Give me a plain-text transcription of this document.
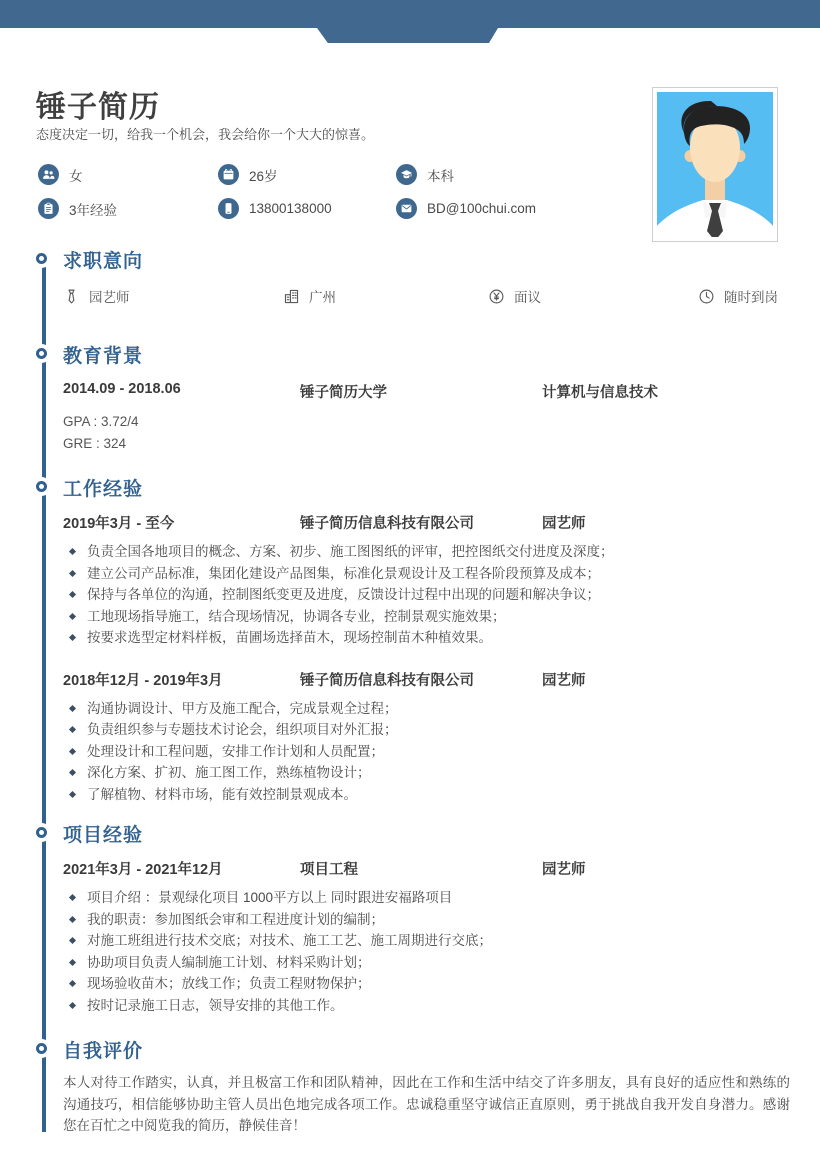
锤子简历
态度决定一切，给我一个机会，我会给你一个大大的惊喜。
女	26岁	本科
3年经验	13800138000	BD@100chui.com
求职意向
园艺师	广州	面议	随时到岗
教育背景
2014.09 - 2018.06	锤子简历大学	计算机与信息技术
GPA : 3.72/4
GRE : 324
工作经验
2019年3月 - 至今	锤子简历信息科技有限公司	园艺师
负责全国各地项目的概念、方案、初步、施工图图纸的评审，把控图纸交付进度及深度；
建立公司产品标准，集团化建设产品图集，标准化景观设计及工程各阶段预算及成本；
保持与各单位的沟通，控制图纸变更及进度，反馈设计过程中出现的问题和解决争议；
工地现场指导施工，结合现场情况，协调各专业，控制景观实施效果；
按要求选型定材料样板，苗圃场选择苗木，现场控制苗木种植效果。
2018年12月 - 2019年3月	锤子简历信息科技有限公司	园艺师
沟通协调设计、甲方及施工配合，完成景观全过程；
负责组织参与专题技术讨论会，组织项目对外汇报；
处理设计和工程问题，安排工作计划和人员配置；
深化方案、扩初、施工图工作，熟练植物设计；
了解植物、材料市场，能有效控制景观成本。
项目经验
2021年3月 - 2021年12月	项目工程	园艺师
项目介绍 ：景观绿化项目 1000平方以上 同时跟进安福路项目
我的职责：参加图纸会审和工程进度计划的编制；
对施工班组进行技术交底；对技术、施工工艺、施工周期进行交底；
协助项目负责人编制施工计划、材料采购计划；
现场验收苗木；放线工作；负责工程财物保护；
按时记录施工日志，领导安排的其他工作。
自我评价

本人对待工作踏实，认真，并且极富工作和团队精神，因此在工作和生活中结交了许多朋友，具有良好的适应性和熟练的沟通技巧，相信能够协助主管人员出色地完成各项工作。忠诚稳重坚守诚信正直原则，勇于挑战自我开发自身潜力。感谢您在百忙之中阅览我的简历，静候佳音！
